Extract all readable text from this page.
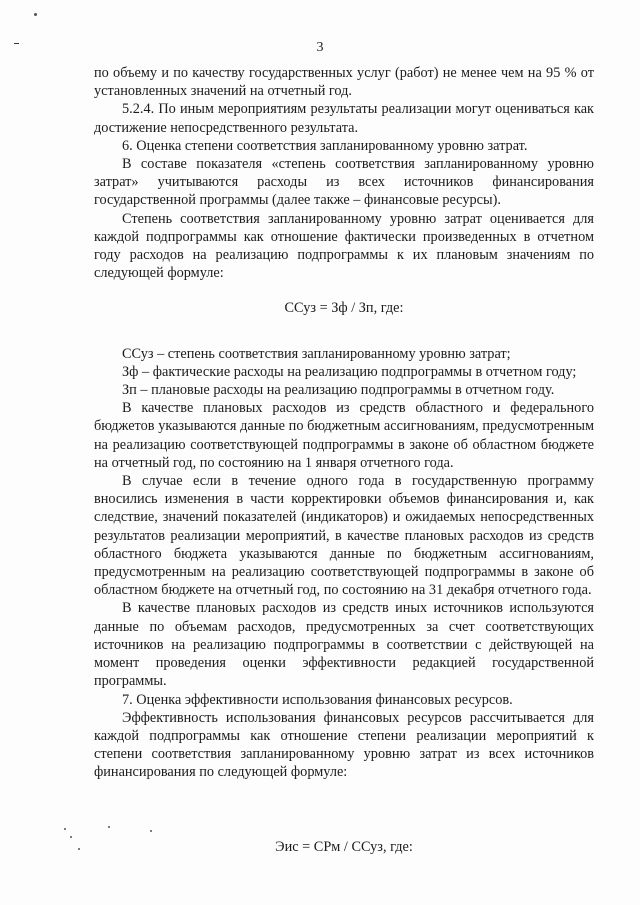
3

по объему и по качеству государственных услуг (работ) не менее чем на 95 % от установленных значений на отчетный год.

5.2.4. По иным мероприятиям результаты реализации могут оцениваться как достижение непосредственного результата.

6. Оценка степени соответствия запланированному уровню затрат.

В составе показателя «степень соответствия запланированному уровню затрат» учитываются расходы из всех источников финансирования государственной программы (далее также – финансовые ресурсы).

Степень соответствия запланированному уровню затрат оценивается для каждой подпрограммы как отношение фактически произведенных в отчетном году расходов на реализацию подпрограммы к их плановым значениям по следующей формуле:

ССуз = Зф / Зп, где:

ССуз – степень соответствия запланированному уровню затрат;

Зф – фактические расходы на реализацию подпрограммы в отчетном году;

Зп – плановые расходы на реализацию подпрограммы в отчетном году.

В качестве плановых расходов из средств областного и федерального бюджетов указываются данные по бюджетным ассигнованиям, предусмотренным на реализацию соответствующей подпрограммы в законе об областном бюджете на отчетный год, по состоянию на 1 января отчетного года.

В случае если в течение одного года в государственную программу вносились изменения в части корректировки объемов финансирования и, как следствие, значений показателей (индикаторов) и ожидаемых непосредственных результатов реализации мероприятий, в качестве плановых расходов из средств областного бюджета указываются данные по бюджетным ассигнованиям, предусмотренным на реализацию соответствующей подпрограммы в законе об областном бюджете на отчетный год, по состоянию на 31 декабря отчетного года.

В качестве плановых расходов из средств иных источников используются данные по объемам расходов, предусмотренных за счет соответствующих источников на реализацию подпрограммы в соответствии с действующей на момент проведения оценки эффективности редакцией государственной программы.

7. Оценка эффективности использования финансовых ресурсов.

Эффективность использования финансовых ресурсов рассчитывается для каждой подпрограммы как отношение степени реализации мероприятий к степени соответствия запланированному уровню затрат из всех источников финансирования по следующей формуле:

Эис = СРм / ССуз, где:
